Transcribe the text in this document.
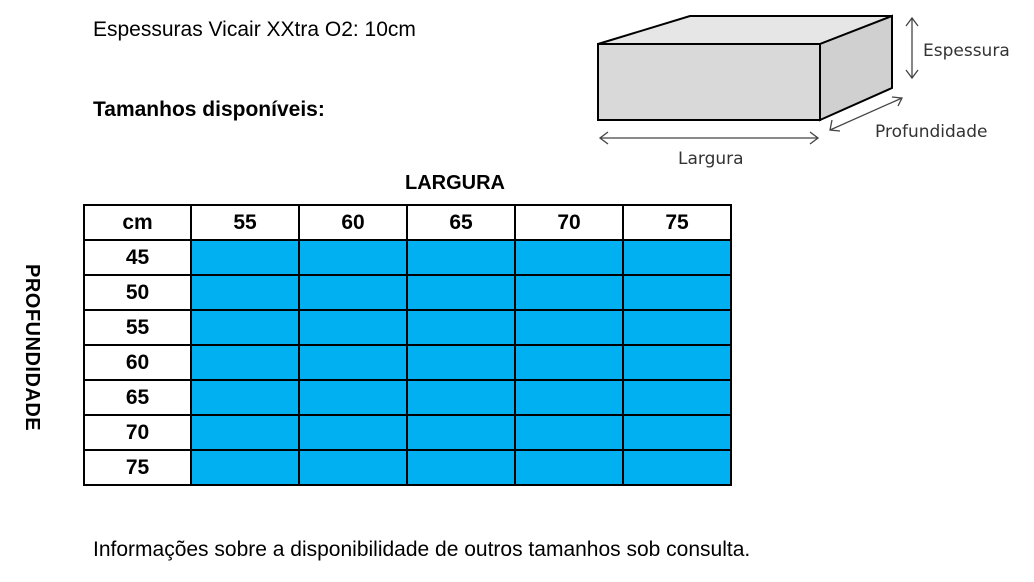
Espessuras Vicair XXtra O2: 10cm
Tamanhos disponíveis:
Espessura
Profundidade
Largura
LARGURA
PROFUNDIDADE
cm	55	60	65	70	75
45					
50					
55					
60					
65					
70					
75					
Informações sobre a disponibilidade de outros tamanhos sob consulta.
